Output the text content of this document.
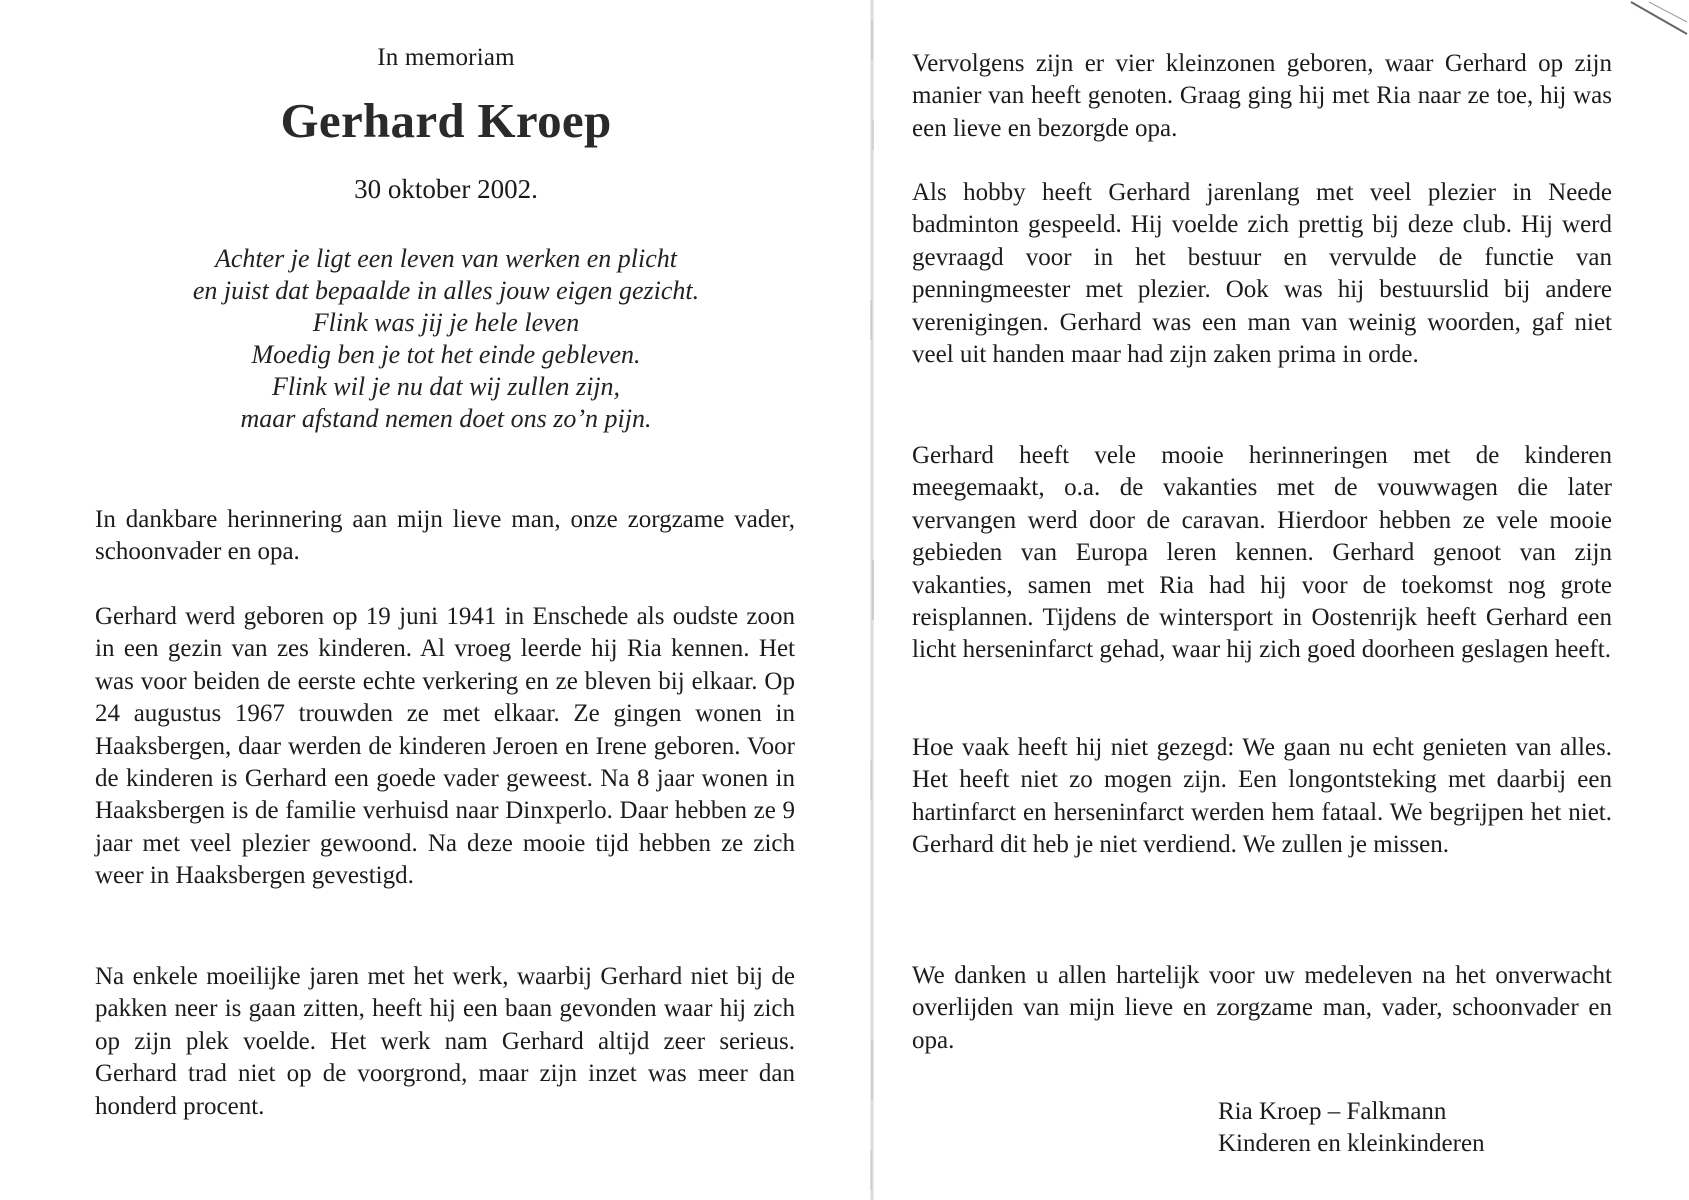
In memoriam
Gerhard Kroep
30 oktober 2002.
Achter je ligt een leven van werken en plicht
en juist dat bepaalde in alles jouw eigen gezicht.
Flink was jij je hele leven
Moedig ben je tot het einde gebleven.
Flink wil je nu dat wij zullen zijn,
maar afstand nemen doet ons zo’n pijn.
In dankbare herinnering aan mijn lieve man, onze zorgzame vader, schoonvader en opa.
Gerhard werd geboren op 19 juni 1941 in Enschede als oudste zoon in een gezin van zes kinderen. Al vroeg leerde hij Ria kennen. Het was voor beiden de eerste echte verkering en ze bleven bij elkaar. Op 24 augustus 1967 trouwden ze met elkaar. Ze gingen wonen in Haaksbergen, daar werden de kinderen Jeroen en Irene geboren. Voor de kinderen is Gerhard een goede vader geweest. Na 8 jaar wonen in Haaksbergen is de familie verhuisd naar Dinxperlo. Daar hebben ze 9 jaar met veel plezier gewoond. Na deze mooie tijd hebben ze zich weer in Haaksbergen gevestigd.
Na enkele moeilijke jaren met het werk, waarbij Gerhard niet bij de pakken neer is gaan zitten, heeft hij een baan gevonden waar hij zich op zijn plek voelde. Het werk nam Gerhard altijd zeer serieus. Gerhard trad niet op de voorgrond, maar zijn inzet was meer dan honderd procent.
Vervolgens zijn er vier kleinzonen geboren, waar Gerhard op zijn manier van heeft genoten. Graag ging hij met Ria naar ze toe, hij was een lieve en bezorgde opa.
Als hobby heeft Gerhard jarenlang met veel plezier in Neede badminton gespeeld. Hij voelde zich prettig bij deze club. Hij werd gevraagd voor in het bestuur en vervulde de functie van penningmeester met plezier. Ook was hij bestuurslid bij andere verenigingen. Gerhard was een man van weinig woorden, gaf niet veel uit handen maar had zijn zaken prima in orde.
Gerhard heeft vele mooie herinneringen met de kinderen meegemaakt, o.a. de vakanties met de vouwwagen die later vervangen werd door de caravan. Hierdoor hebben ze vele mooie gebieden van Europa leren kennen. Gerhard genoot van zijn vakanties, samen met Ria had hij voor de toekomst nog grote reisplannen. Tijdens de wintersport in Oostenrijk heeft Gerhard een licht herseninfarct gehad, waar hij zich goed doorheen geslagen heeft.
Hoe vaak heeft hij niet gezegd: We gaan nu echt genieten van alles. Het heeft niet zo mogen zijn. Een longontsteking met daarbij een hartinfarct en herseninfarct werden hem fataal. We begrijpen het niet. Gerhard dit heb je niet verdiend. We zullen je missen.
We danken u allen hartelijk voor uw medeleven na het onverwacht overlijden van mijn lieve en zorgzame man, vader, schoonvader en opa.
Ria Kroep – Falkmann
Kinderen en kleinkinderen
